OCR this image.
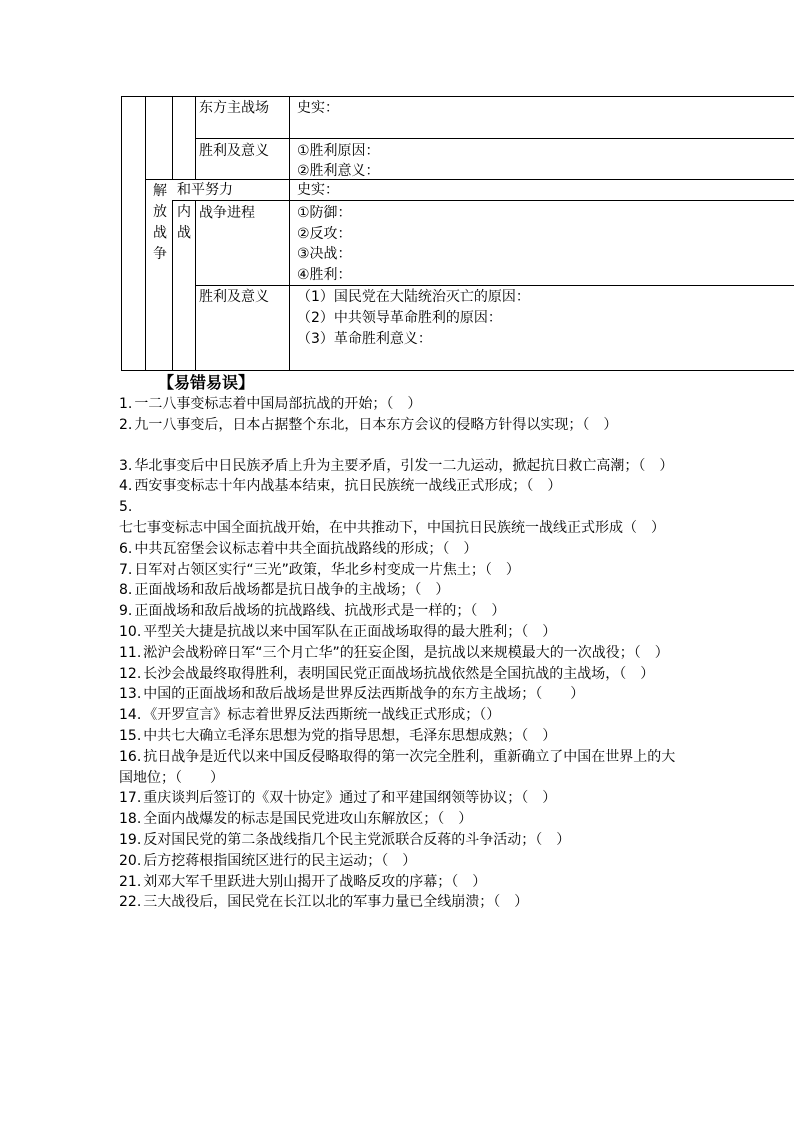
东方主战场 史实：
胜利及意义 ①胜利原因：
②胜利意义：
解
放
战
争
和平努力	史实：
内
战
战争进程	①防御：
②反攻：
③决战：
④胜利：
胜利及意义 （1）国民党在大陆统治灭亡的原因：
（2）中共领导革命胜利的原因：
（3）革命胜利意义：
【易错易误】
1. 一二八事变标志着中国局部抗战的开始；（　）
2. 九一八事变后，日本占据整个东北，日本东方会议的侵略方针得以实现；（　）
3. 华北事变后中日民族矛盾上升为主要矛盾，引发一二九运动，掀起抗日救亡高潮；（　）
4. 西安事变标志十年内战基本结束，抗日民族统一战线正式形成；（　）
5.七七事变标志中国全面抗战开始，在中共推动下，中国抗日民族统一战线正式形成（　）
6. 中共瓦窑堡会议标志着中共全面抗战路线的形成；（　）
7. 日军对占领区实行“三光”政策，华北乡村变成一片焦土；（　）
8. 正面战场和敌后战场都是抗日战争的主战场；（　）
9. 正面战场和敌后战场的抗战路线、抗战形式是一样的；（　）
10. 平型关大捷是抗战以来中国军队在正面战场取得的最大胜利；（　）
11. 淞沪会战粉碎日军“三个月亡华”的狂妄企图，是抗战以来规模最大的一次战役；（　）
12. 长沙会战最终取得胜利，表明国民党正面战场抗战依然是全国抗战的主战场，（　）
13. 中国的正面战场和敌后战场是世界反法西斯战争的东方主战场；（　　）
14. 《开罗宣言》标志着世界反法西斯统一战线正式形成；（）
15. 中共七大确立毛泽东思想为党的指导思想，毛泽东思想成熟；（　）
16. 抗日战争是近代以来中国反侵略取得的第一次完全胜利，重新确立了中国在世界上的大国地位；（　　）
17. 重庆谈判后签订的《双十协定》通过了和平建国纲领等协议；（　）
18. 全面内战爆发的标志是国民党进攻山东解放区；（　）
19. 反对国民党的第二条战线指几个民主党派联合反蒋的斗争活动；（　）
20. 后方挖蒋根指国统区进行的民主运动；（　）
21. 刘邓大军千里跃进大别山揭开了战略反攻的序幕；（　）
22. 三大战役后，国民党在长江以北的军事力量已全线崩溃；（　）
